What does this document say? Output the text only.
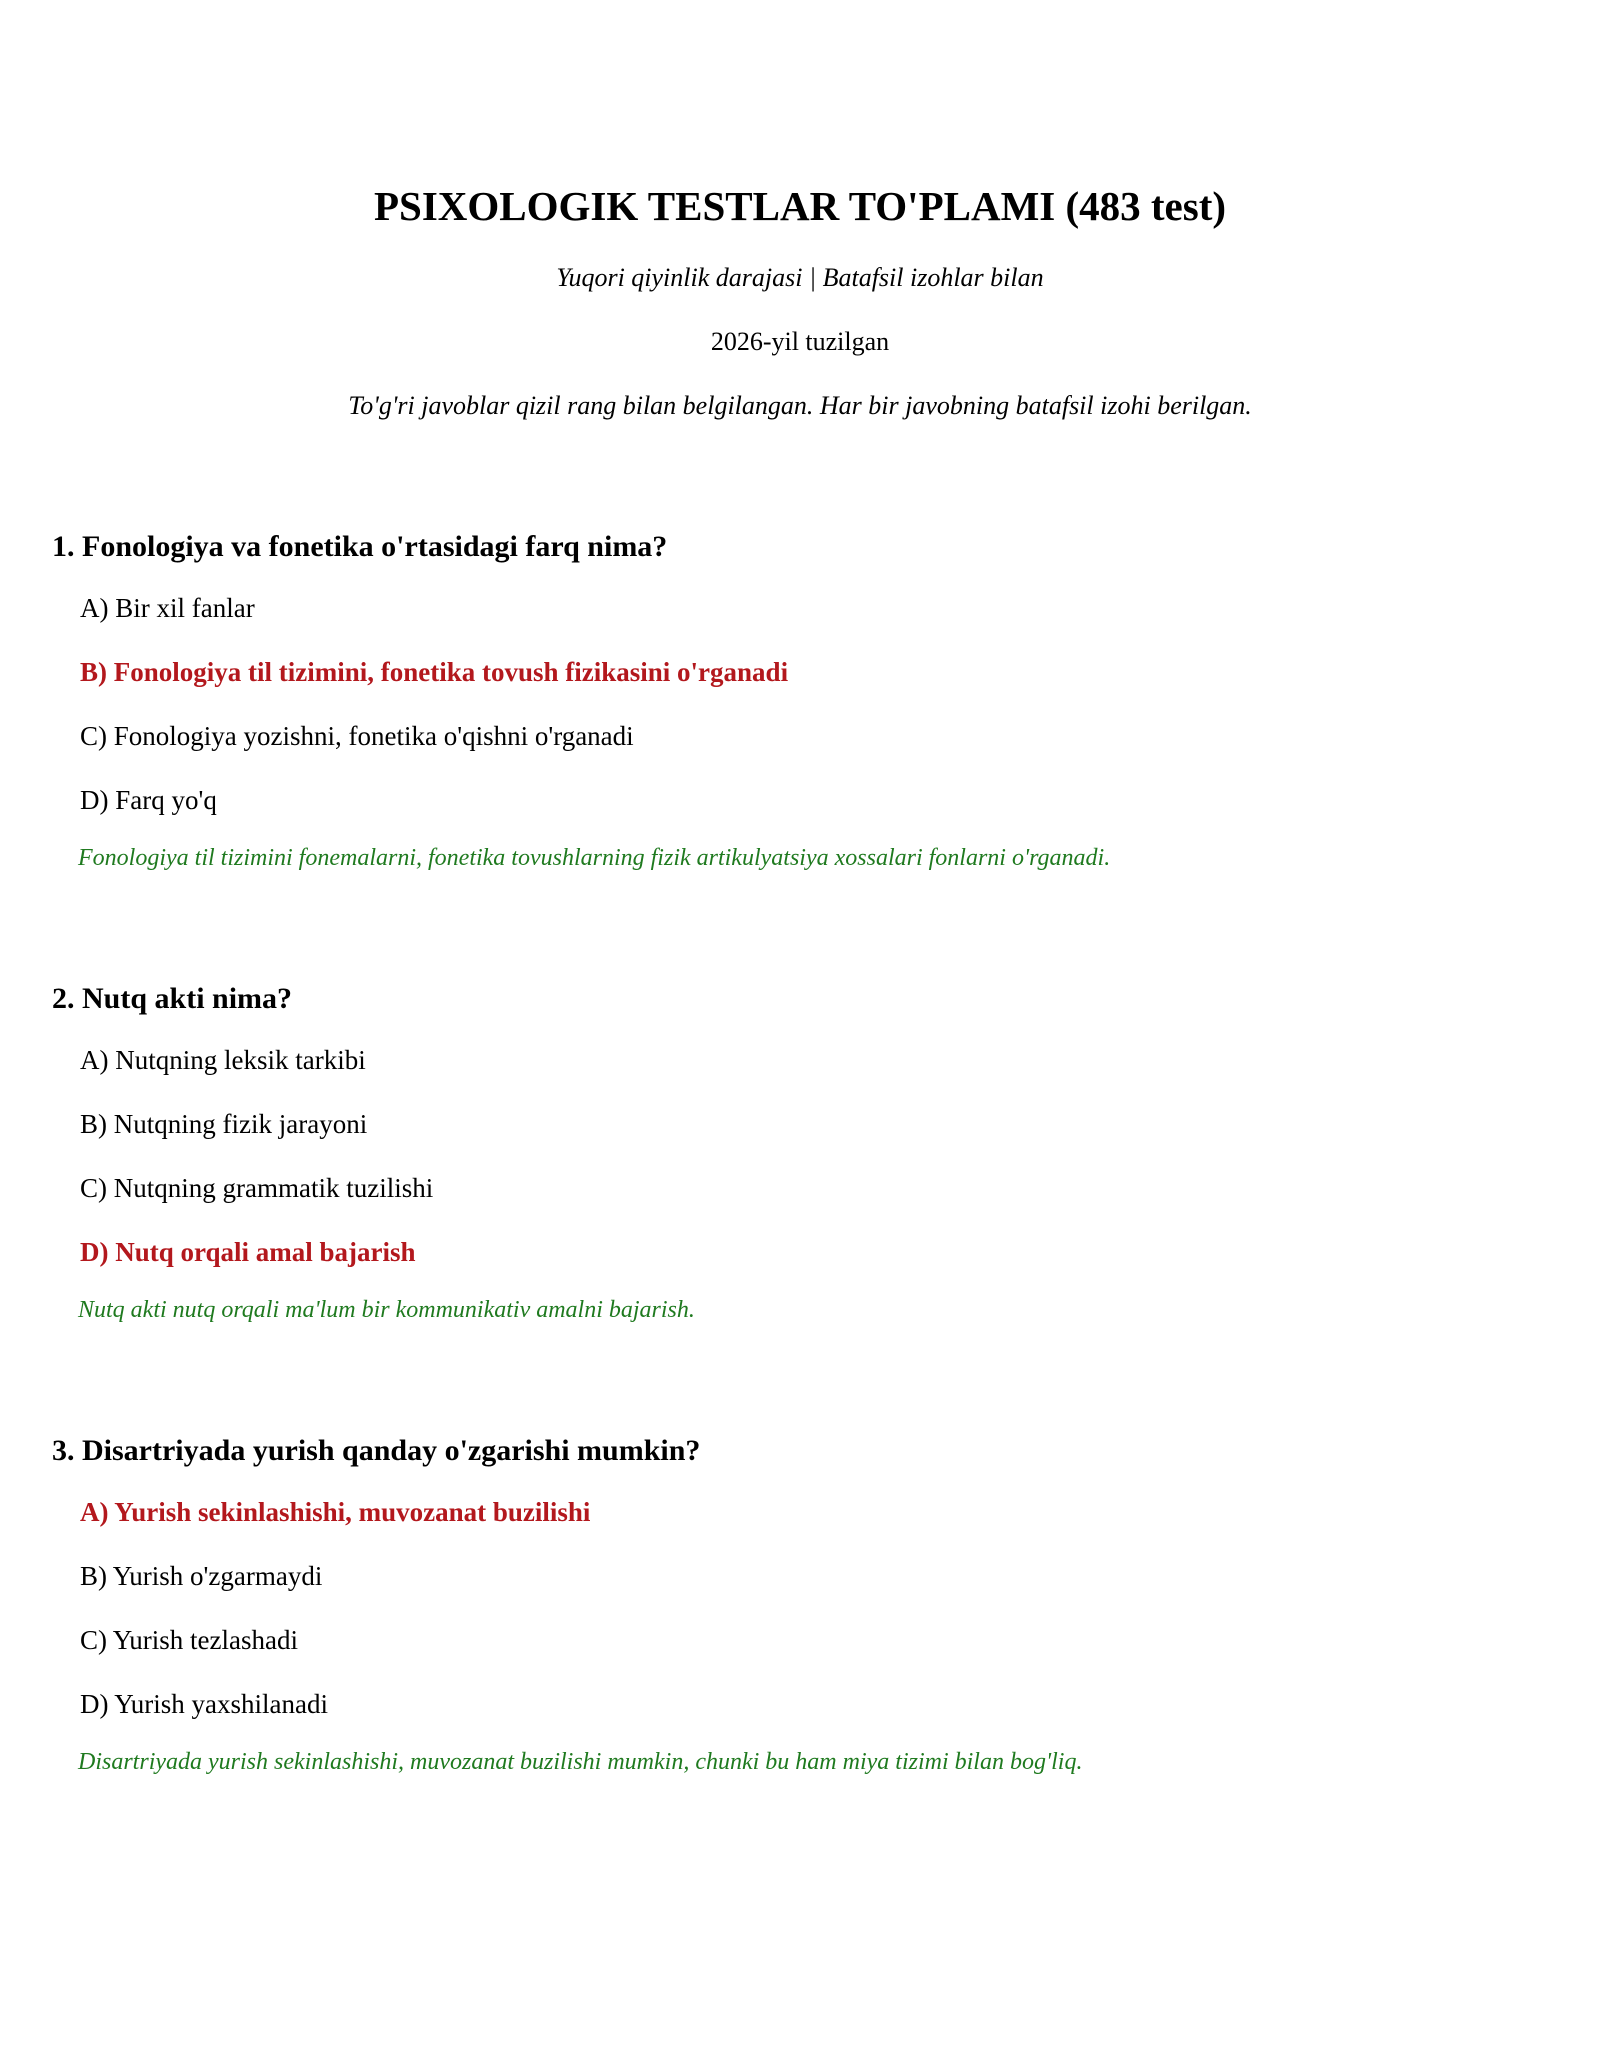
PSIXOLOGIK TESTLAR TO'PLAMI (483 test)
Yuqori qiyinlik darajasi | Batafsil izohlar bilan
2026-yil tuzilgan
To'g'ri javoblar qizil rang bilan belgilangan. Har bir javobning batafsil izohi berilgan.
1. Fonologiya va fonetika o'rtasidagi farq nima?
A) Bir xil fanlar
B) Fonologiya til tizimini, fonetika tovush fizikasini o'rganadi
C) Fonologiya yozishni, fonetika o'qishni o'rganadi
D) Farq yo'q
Fonologiya til tizimini fonemalarni, fonetika tovushlarning fizik artikulyatsiya xossalari fonlarni o'rganadi.
2. Nutq akti nima?
A) Nutqning leksik tarkibi
B) Nutqning fizik jarayoni
C) Nutqning grammatik tuzilishi
D) Nutq orqali amal bajarish
Nutq akti nutq orqali ma'lum bir kommunikativ amalni bajarish.
3. Disartriyada yurish qanday o'zgarishi mumkin?
A) Yurish sekinlashishi, muvozanat buzilishi
B) Yurish o'zgarmaydi
C) Yurish tezlashadi
D) Yurish yaxshilanadi
Disartriyada yurish sekinlashishi, muvozanat buzilishi mumkin, chunki bu ham miya tizimi bilan bog'liq.
